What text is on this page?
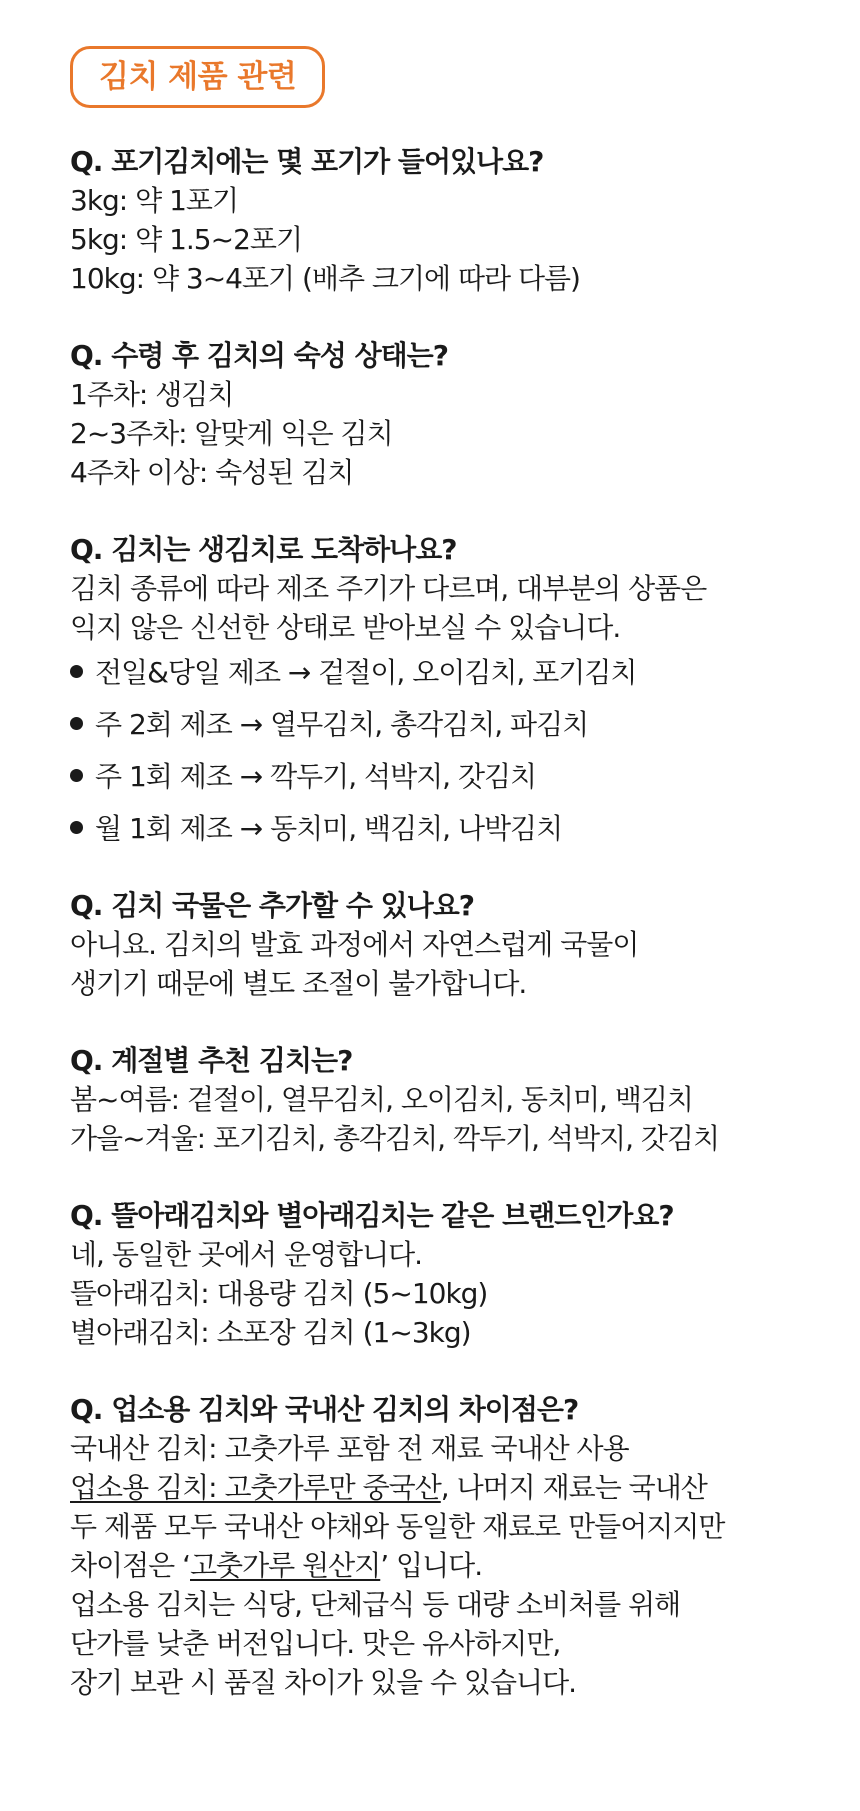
김치 제품 관련
Q. 포기김치에는 몇 포기가 들어있나요?
3kg: 약 1포기
5kg: 약 1.5~2포기
10kg: 약 3~4포기 (배추 크기에 따라 다름)
Q. 수령 후 김치의 숙성 상태는?
1주차: 생김치
2~3주차: 알맞게 익은 김치
4주차 이상: 숙성된 김치
Q. 김치는 생김치로 도착하나요?
김치 종류에 따라 제조 주기가 다르며, 대부분의 상품은
익지 않은 신선한 상태로 받아보실 수 있습니다.
전일&당일 제조 → 겉절이, 오이김치, 포기김치
주 2회 제조 → 열무김치, 총각김치, 파김치
주 1회 제조 → 깍두기, 석박지, 갓김치
월 1회 제조 → 동치미, 백김치, 나박김치
Q. 김치 국물은 추가할 수 있나요?
아니요. 김치의 발효 과정에서 자연스럽게 국물이
생기기 때문에 별도 조절이 불가합니다.
Q. 계절별 추천 김치는?
봄~여름: 겉절이, 열무김치, 오이김치, 동치미, 백김치
가을~겨울: 포기김치, 총각김치, 깍두기, 석박지, 갓김치
Q. 뜰아래김치와 별아래김치는 같은 브랜드인가요?
네, 동일한 곳에서 운영합니다.
뜰아래김치: 대용량 김치 (5~10kg)
별아래김치: 소포장 김치 (1~3kg)
Q. 업소용 김치와 국내산 김치의 차이점은?
국내산 김치: 고춧가루 포함 전 재료 국내산 사용
업소용 김치: 고춧가루만 중국산, 나머지 재료는 국내산
두 제품 모두 국내산 야채와 동일한 재료로 만들어지지만
차이점은 ‘고춧가루 원산지’ 입니다.
업소용 김치는 식당, 단체급식 등 대량 소비처를 위해
단가를 낮춘 버전입니다. 맛은 유사하지만,
장기 보관 시 품질 차이가 있을 수 있습니다.
